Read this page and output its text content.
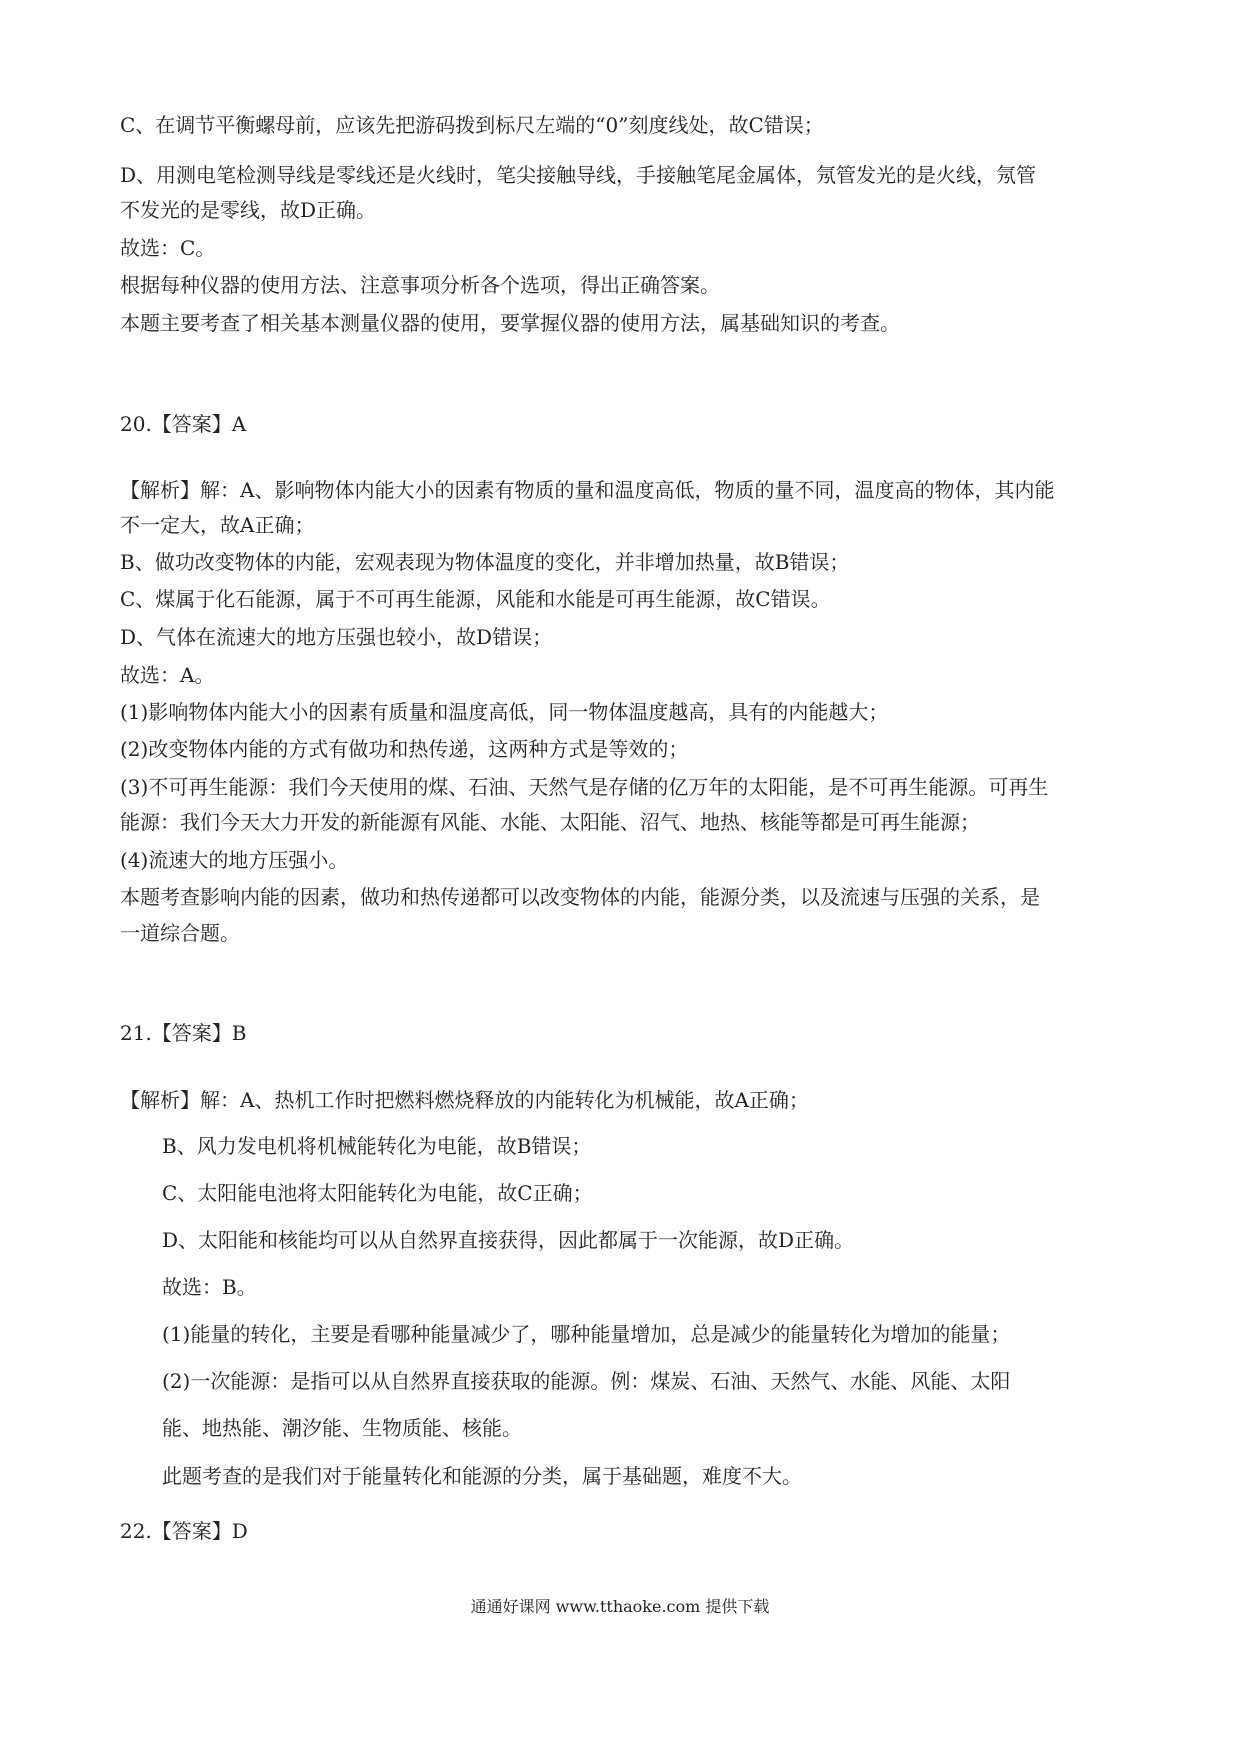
C、在调节平衡螺母前，应该先把游码拨到标尺左端的“0”刻度线处，故C错误；
D、用测电笔检测导线是零线还是火线时，笔尖接触导线，手接触笔尾金属体，氖管发光的是火线，氖管
不发光的是零线，故D正确。
故选：C。
根据每种仪器的使用方法、注意事项分析各个选项，得出正确答案。
本题主要考查了相关基本测量仪器的使用，要掌握仪器的使用方法，属基础知识的考查。
20.【答案】A
【解析】解：A、影响物体内能大小的因素有物质的量和温度高低，物质的量不同，温度高的物体，其内能
不一定大，故A正确；
B、做功改变物体的内能，宏观表现为物体温度的变化，并非增加热量，故B错误；
C、煤属于化石能源，属于不可再生能源，风能和水能是可再生能源，故C错误。
D、气体在流速大的地方压强也较小，故D错误；
故选：A。
(1)影响物体内能大小的因素有质量和温度高低，同一物体温度越高，具有的内能越大；
(2)改变物体内能的方式有做功和热传递，这两种方式是等效的；
(3)不可再生能源：我们今天使用的煤、石油、天然气是存储的亿万年的太阳能，是不可再生能源。可再生
能源：我们今天大力开发的新能源有风能、水能、太阳能、沼气、地热、核能等都是可再生能源；
(4)流速大的地方压强小。
本题考查影响内能的因素，做功和热传递都可以改变物体的内能，能源分类，以及流速与压强的关系，是
一道综合题。
21.【答案】B
【解析】解：A、热机工作时把燃料燃烧释放的内能转化为机械能，故A正确；
B、风力发电机将机械能转化为电能，故B错误；
C、太阳能电池将太阳能转化为电能，故C正确；
D、太阳能和核能均可以从自然界直接获得，因此都属于一次能源，故D正确。
故选：B。
(1)能量的转化，主要是看哪种能量减少了，哪种能量增加，总是减少的能量转化为增加的能量；
(2)一次能源：是指可以从自然界直接获取的能源。例：煤炭、石油、天然气、水能、风能、太阳
能、地热能、潮汐能、生物质能、核能。
此题考查的是我们对于能量转化和能源的分类，属于基础题，难度不大。
22.【答案】D
通通好课网 www.tthaoke.com 提供下载
